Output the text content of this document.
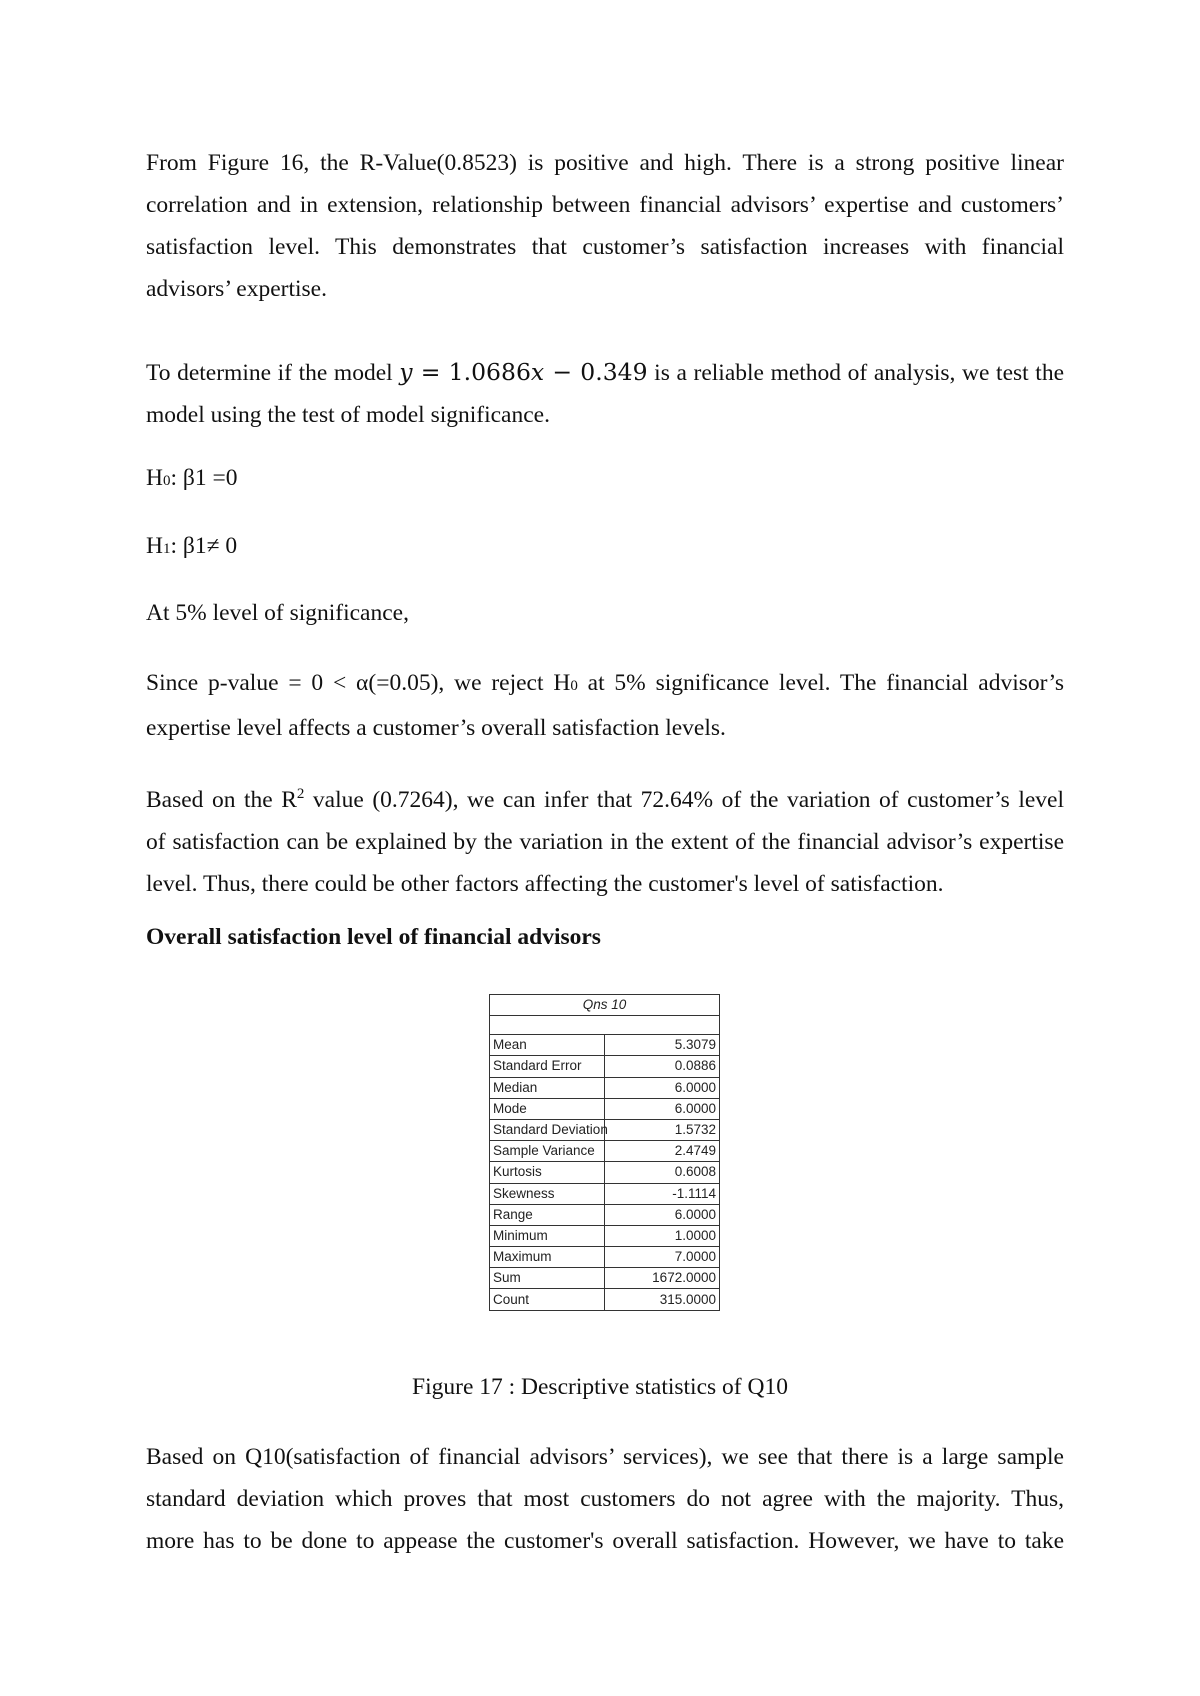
From Figure 16, the R-Value(0.8523) is positive and high. There is a strong positive linear
correlation and in extension, relationship between financial advisors’ expertise and customers’
satisfaction level. This demonstrates that customer’s satisfaction increases with financial
advisors’ expertise.
To determine if the model y = 1.0686x − 0.349 is a reliable method of analysis, we test the
model using the test of model significance.

H0: β1 =0

H1: β1≠ 0

At 5% level of significance,

Since p-value = 0 < α(=0.05), we reject H0 at 5% significance level. The financial advisor’s
expertise level affects a customer’s overall satisfaction levels.
Based on the $R^2$ value (0.7264), we can infer that 72.64% of the variation of customer’s level
of satisfaction can be explained by the variation in the extent of the financial advisor’s expertise
level. Thus, there could be other factors affecting the customer's level of satisfaction.

Overall satisfaction level of financial advisors

Qns 10	

Mean	5.3079
Standard Error	0.0886
Median	6.0000
Mode	6.0000
Standard Deviation	1.5732
Sample Variance	2.4749
Kurtosis	0.6008
Skewness	-1.1114
Range	6.0000
Minimum	1.0000
Maximum	7.0000
Sum	1672.0000
Count	315.0000

Figure 17 : Descriptive statistics of Q10

Based on Q10(satisfaction of financial advisors’ services), we see that there is a large sample
standard deviation which proves that most customers do not agree with the majority. Thus,
more has to be done to appease the customer's overall satisfaction. However, we have to take
